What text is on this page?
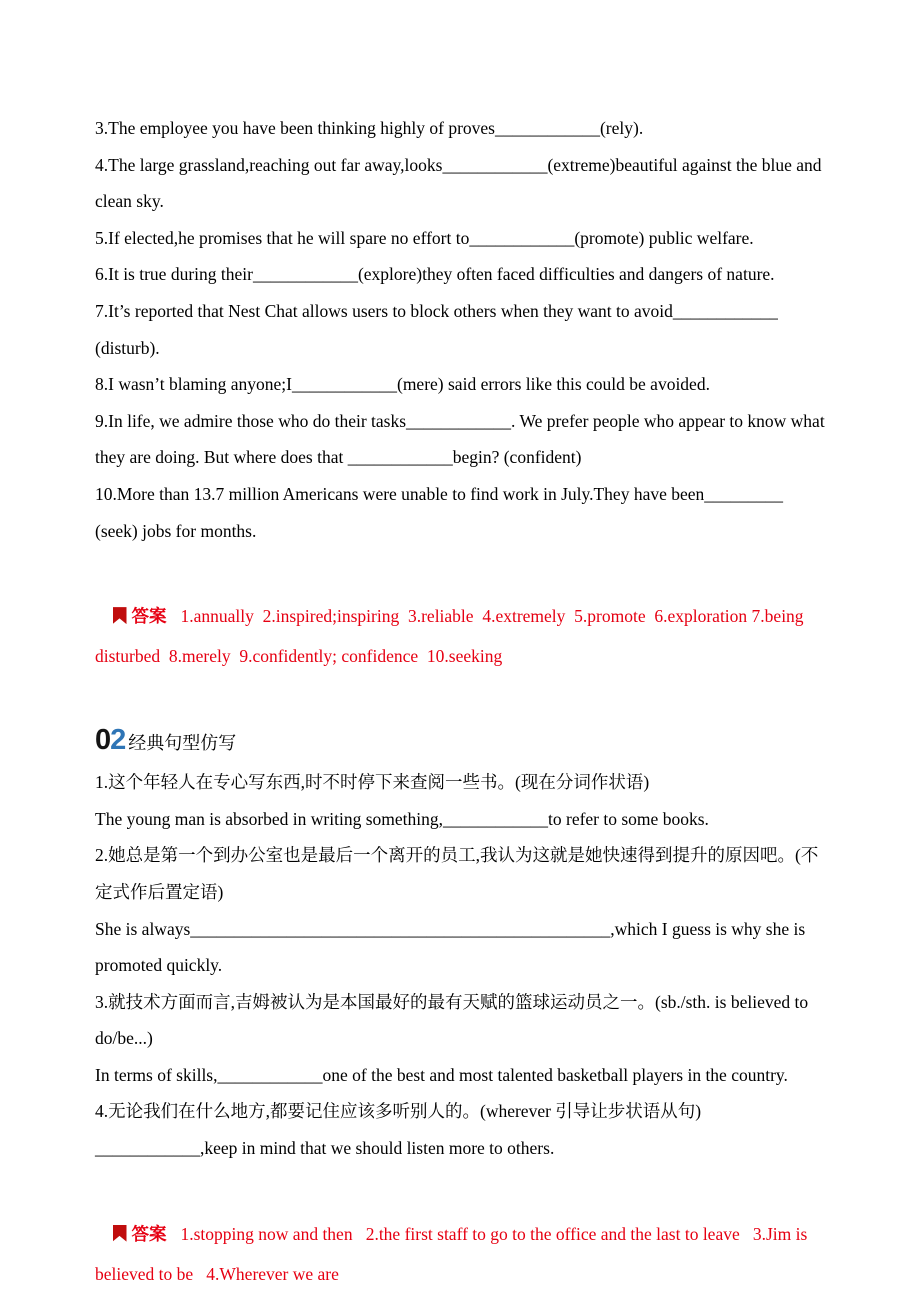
3.The employee you have been thinking highly of proves____________(rely).

4.The large grassland,reaching out far away,looks____________(extreme)beautiful against the blue and clean sky.

5.If elected,he promises that he will spare no effort to____________(promote) public welfare.

6.It is true during their____________(explore)they often faced difficulties and dangers of nature.

7.It’s reported that Nest Chat allows users to block others when they want to avoid____________ (disturb).

8.I wasn’t blaming anyone;I____________(mere) said errors like this could be avoided.

9.In life, we admire those who do their tasks____________. We prefer people who appear to know what they are doing. But where does that ____________begin? (confident)

10.More than 13.7 million Americans were unable to find work in July.They have been_________ (seek) jobs for months.

答案 1.annually  2.inspired;inspiring  3.reliable  4.extremely  5.promote  6.exploration 7.being disturbed  8.merely  9.confidently; confidence  10.seeking

02 经典句型仿写

1.这个年轻人在专心写东西,时不时停下来查阅一些书。(现在分词作状语)

The young man is absorbed in writing something,____________to refer to some books.

2.她总是第一个到办公室也是最后一个离开的员工,我认为这就是她快速得到提升的原因吧。(不定式作后置定语)

She is always________________________________________________,which I guess is why she is promoted quickly.

3.就技术方面而言,吉姆被认为是本国最好的最有天赋的篮球运动员之一。(sb./sth. is believed to do/be...)

In terms of skills,____________one of the best and most talented basketball players in the country.

4.无论我们在什么地方,都要记住应该多听别人的。(wherever 引导让步状语从句)

____________,keep in mind that we should listen more to others.

答案 1.stopping now and then   2.the first staff to go to the office and the last to leave   3.Jim is believed to be   4.Wherever we are
